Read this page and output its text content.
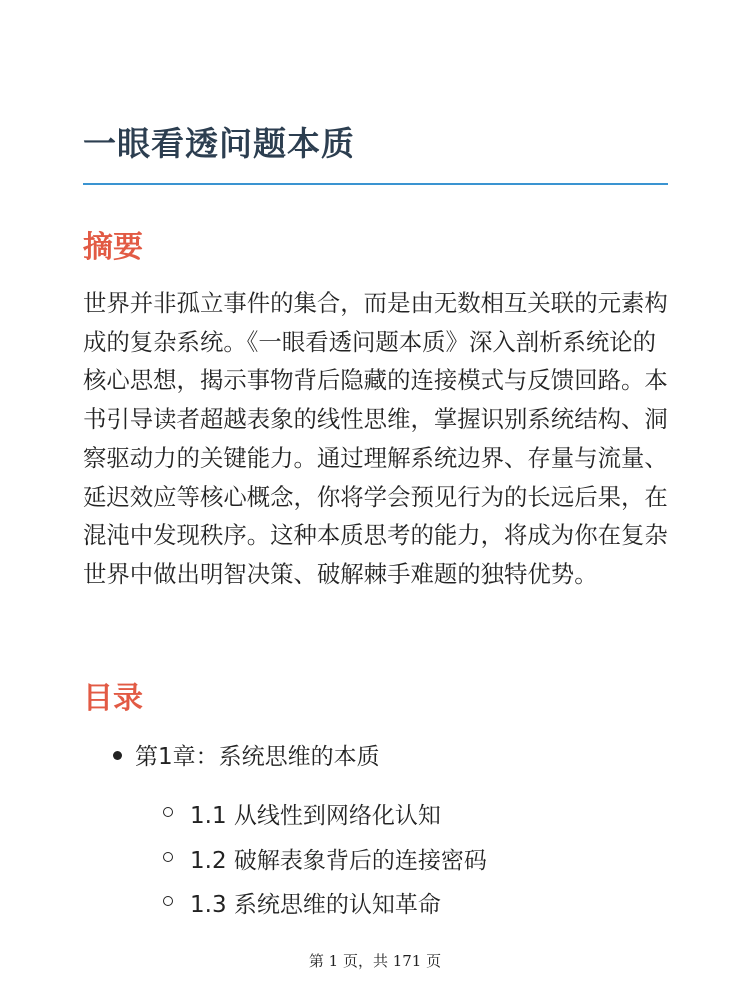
一眼看透问题本质
摘要

世界并非孤立事件的集合，而是由无数相互关联的元素构成的复杂系统。《一眼看透问题本质》深入剖析系统论的核心思想，揭示事物背后隐藏的连接模式与反馈回路。本书引导读者超越表象的线性思维，掌握识别系统结构、洞察驱动力的关键能力。通过理解系统边界、存量与流量、延迟效应等核心概念，你将学会预见行为的长远后果，在混沌中发现秩序。这种本质思考的能力，将成为你在复杂世界中做出明智决策、破解棘手难题的独特优势。

目录
第1章：系统思维的本质
1.1 从线性到网络化认知
1.2 破解表象背后的连接密码
1.3 系统思维的认知革命
第 1 页，共 171 页
